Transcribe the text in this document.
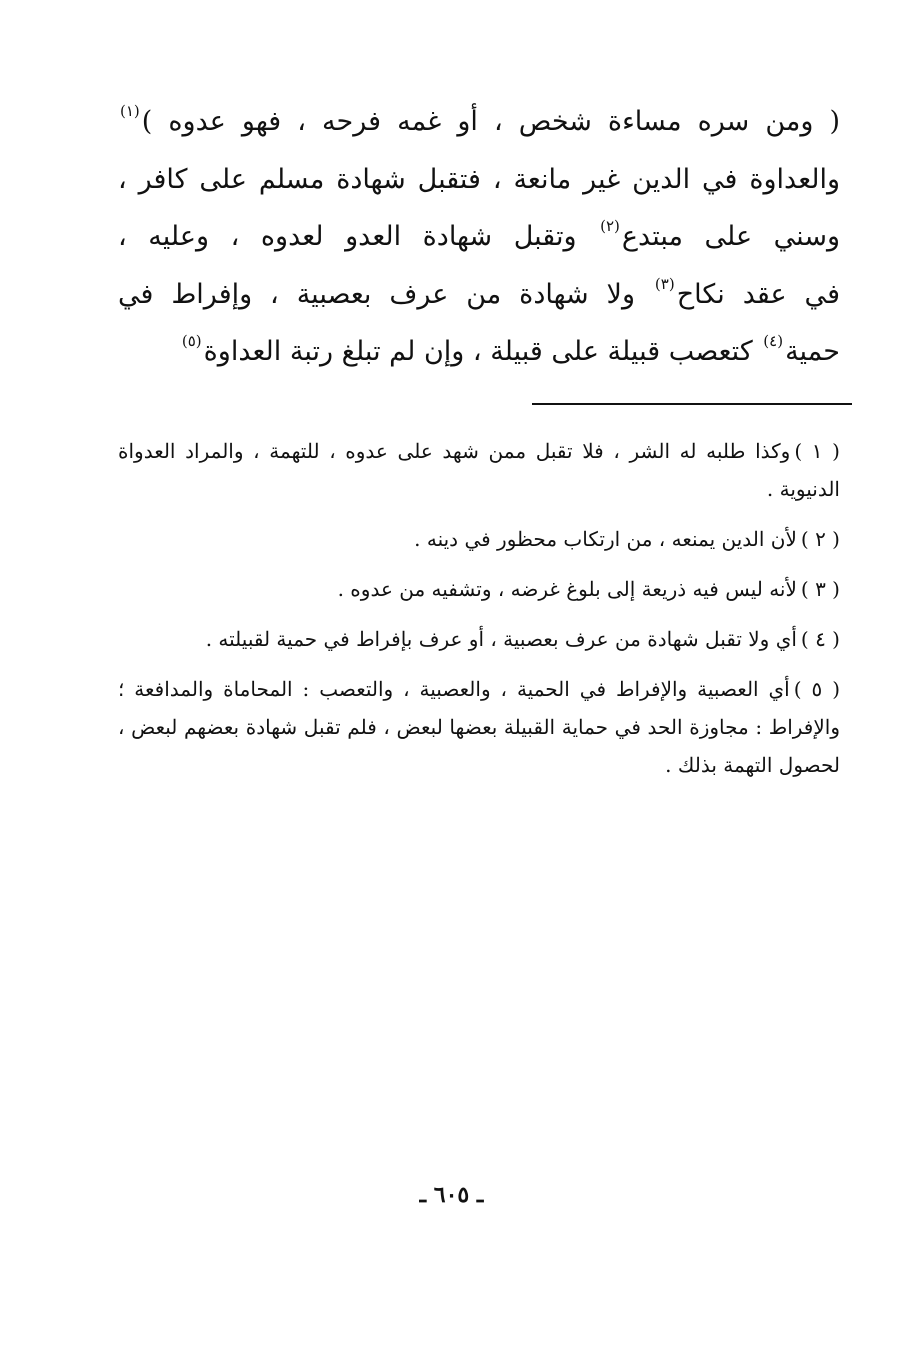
( ومن سره مساءة شخص ، أو غمه فرحه ، فهو عدوه )$^{(١)}$
والعداوة في الدين غير مانعة ، فتقبل شهادة مسلم على كافر ،
وسني على مبتدع$^{(٢)}$ وتقبل شهادة العدو لعدوه ، وعليه ،
في عقد نكاح$^{(٣)}$ ولا شهادة من عرف بعصبية ، وإفراط في
حمية$^{(٤)}$ كتعصب قبيلة على قبيلة ، وإن لم تبلغ رتبة العداوة$^{(٥)}$

( ١ )وكذا طلبه له الشر ، فلا تقبل ممن شهد على عدوه ، للتهمة ، والمراد العدواة الدنيوية .

( ٢ )لأن الدين يمنعه ، من ارتكاب محظور في دينه .

( ٣ )لأنه ليس فيه ذريعة إلى بلوغ غرضه ، وتشفيه من عدوه .

( ٤ )أي ولا تقبل شهادة من عرف بعصبية ، أو عرف بإفراط في حمية لقبيلته .

( ٥ )أي العصبية والإفراط في الحمية ، والعصبية ، والتعصب : المحاماة والمدافعة ؛ والإفراط : مجاوزة الحد في حماية القبيلة بعضها لبعض ، فلم تقبل شهادة بعضهم لبعض ، لحصول التهمة بذلك .

ـ ٦٠٥ ـ
